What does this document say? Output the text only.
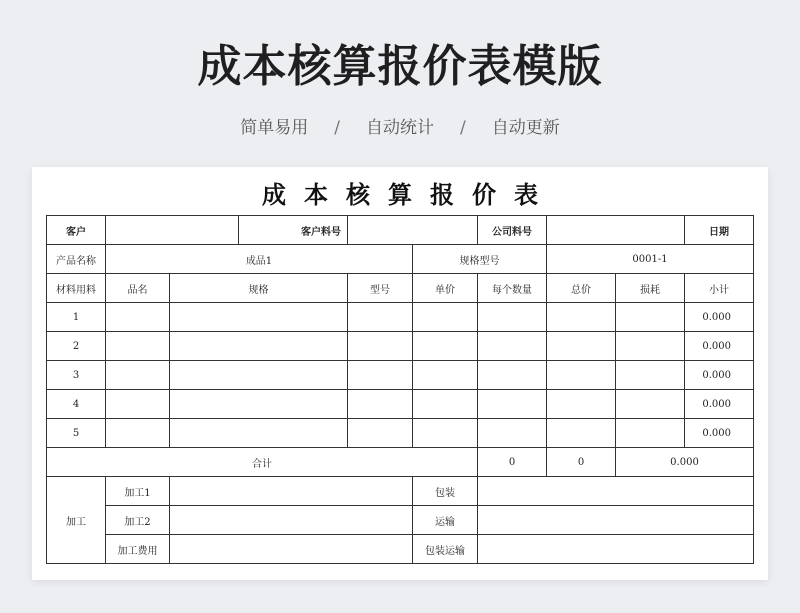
成本核算报价表模版
简单易用 / 自动统计 / 自动更新
成本核算报价表
客户			客户料号			公司料号			日期
产品名称	成品1				规格型号		0001-1		
材料用料	品名	规格		型号	单价	每个数量	总价	损耗	小计
1									0.000
2									0.000
3									0.000
4									0.000
5									0.000
合计						0	0	0.000	
加工	加工1				包装				
	加工2				运输				
	加工费用				包装运输				
